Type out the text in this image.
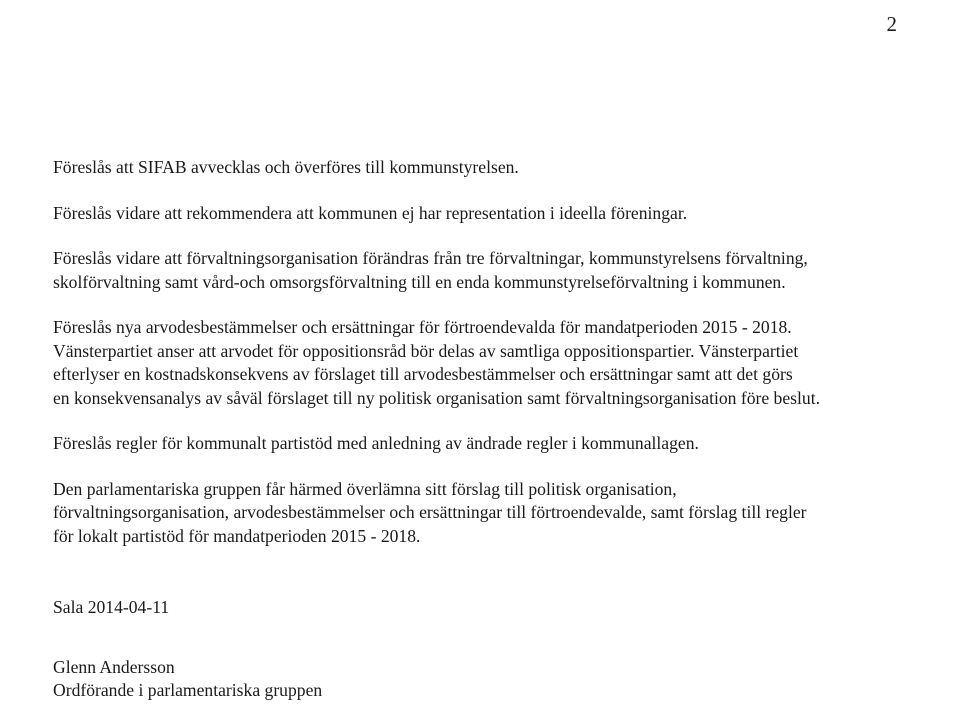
2

Föreslås att SIFAB avvecklas och överföres till kommunstyrelsen.

Föreslås vidare att rekommendera att kommunen ej har representation i ideella föreningar.

Föreslås vidare att förvaltningsorganisation förändras från tre förvaltningar, kommunstyrelsens förvaltning,
skolförvaltning samt vård-och omsorgsförvaltning till en enda kommunstyrelseförvaltning i kommunen.

Föreslås nya arvodesbestämmelser och ersättningar för förtroendevalda för mandatperioden 2015 - 2018.
Vänsterpartiet anser att arvodet för oppositionsråd bör delas av samtliga oppositionspartier. Vänsterpartiet
efterlyser en kostnadskonsekvens av förslaget till arvodesbestämmelser och ersättningar samt att det görs
en konsekvensanalys av såväl förslaget till ny politisk organisation samt förvaltningsorganisation före beslut.

Föreslås regler för kommunalt partistöd med anledning av ändrade regler i kommunallagen.

Den parlamentariska gruppen får härmed överlämna sitt förslag till politisk organisation,
förvaltningsorganisation, arvodesbestämmelser och ersättningar till förtroendevalde, samt förslag till regler
för lokalt partistöd för mandatperioden 2015 - 2018.

Sala 2014-04-11
Glenn Andersson
Ordförande i parlamentariska gruppen
